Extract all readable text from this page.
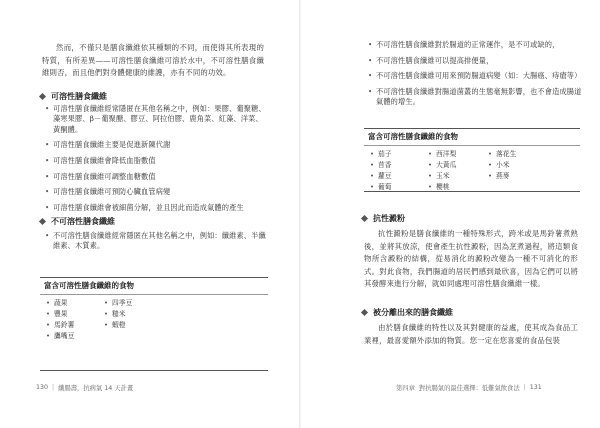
然而，不僅只是膳食纖維依其種類的不同，而使得其所表現的特質，有所差異——可溶性膳食纖維可溶於水中，不可溶性膳食纖維則否，而且他們對身體健康的維護，亦有不同的功效。

可溶性膳食纖維
• 可溶性膳食纖維經常隱匿在其他名稱之中，例如：果膠、葡聚糖、藻寒果膠、β－葡聚醣、膠豆、阿拉伯膠、鹿角菜、紅藻、洋菜、黃酮體。
• 可溶性膳食纖維主要是促進新陳代謝
• 可溶性膳食纖維會降低血脂數值
• 可溶性膳食纖維可調整血糖數值
• 可溶性膳食纖維可預防心臟血管病變
• 可溶性膳食纖維會被細菌分解，並且因此而造成氣體的產生
不可溶性膳食纖維
• 不可溶性膳食纖維經常隱匿在其他名稱之中，例如：纖維素、半纖維素、木質素。
富含可溶性膳食纖維的食物
• 蔬果	• 四季豆
• 豐果	• 糙米
• 馬鈴薯	• 蝦橙
• 鷹嘴豆
130 | 纖腸壽，抗病氣 14 天計畫
• 不可溶性膳食纖維對於腸道的正常運作，是不可或缺的，
• 不可溶性膳食纖維可以提高排便量，
• 不可溶性膳食纖維可用來預防腸道病變（如：大腸癌、痔瘡等）
• 不可溶性膳食纖維對腸道菌叢的生態毫無影響，也不會造成腸道氣體的增生。
富含可溶性膳食纖維的食物
• 茄子	• 西洋梨	• 落花生
• 苜香	• 大黃瓜	• 小米
• 蘿豆	• 玉米	• 燕麥
• 葡萄	• 櫻桃
抗性澱粉

抗性澱粉是膳食纖維的一種特殊形式，跨米或是馬鈴薯煮熟後，並將其放涼，使會產生抗性澱粉，因為烹煮過程，將這類食物所含澱粉的結構，從易消化的澱粉改變為一種不可消化的形式。對此食物，我們腸道的居民們感到最欣喜，因為它們可以將其發酵來進行分解，就如同處理可溶性膳食纖維一樣。

被分離出來的膳食纖維

由於膳食纖維的特性以及其對健康的益處，使其成為食品工業裡，最喜愛額外添加的物質。您一定在您喜愛的食品包裝

第四章 對抗腸氣的最佳選擇：低難氣飲食法 | 131
